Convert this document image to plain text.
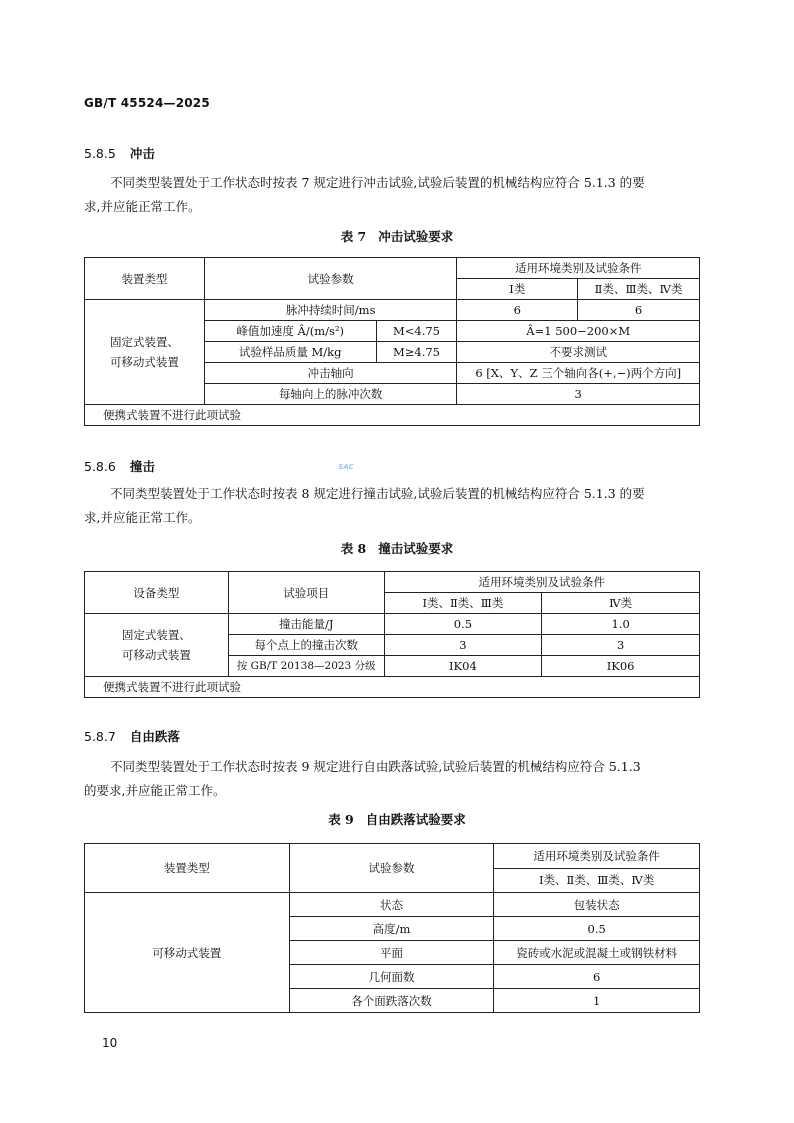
GB/T 45524—2025
5.8.5 冲击
不同类型装置处于工作状态时按表 7 规定进行冲击试验,试验后装置的机械结构应符合 5.1.3 的要
求,并应能正常工作。
表 7 冲击试验要求
装置类型	试验参数		适用环境类别及试验条件	
			Ⅰ类	Ⅱ类、Ⅲ类、Ⅳ类
固定式装置、可移动式装置	脉冲持续时间/ms		6	6
	峰值加速度 Â/(m/s²)	M<4.75	Â=1 500−200×M	
	试验样品质量 M/kg	M≥4.75	不要求测试	
	冲击轴向		6 [X、Y、Z 三个轴向各(+,−)两个方向]	
	每轴向上的脉冲次数		3	
便携式装置不进行此项试验				
SAC
5.8.6 撞击
不同类型装置处于工作状态时按表 8 规定进行撞击试验,试验后装置的机械结构应符合 5.1.3 的要
求,并应能正常工作。
表 8 撞击试验要求
设备类型	试验项目	适用环境类别及试验条件	
		Ⅰ类、Ⅱ类、Ⅲ类	Ⅳ类
固定式装置、可移动式装置	撞击能量/J	0.5	1.0
	每个点上的撞击次数	3	3
	按 GB/T 20138—2023 分级	IK04	IK06
便携式装置不进行此项试验			
5.8.7 自由跌落
不同类型装置处于工作状态时按表 9 规定进行自由跌落试验,试验后装置的机械结构应符合 5.1.3
的要求,并应能正常工作。
表 9 自由跌落试验要求
装置类型	试验参数	适用环境类别及试验条件
		Ⅰ类、Ⅱ类、Ⅲ类、Ⅳ类
可移动式装置	状态	包装状态
	高度/m	0.5
	平面	瓷砖或水泥或混凝土或钢铁材料
	几何面数	6
	各个面跌落次数	1
10
